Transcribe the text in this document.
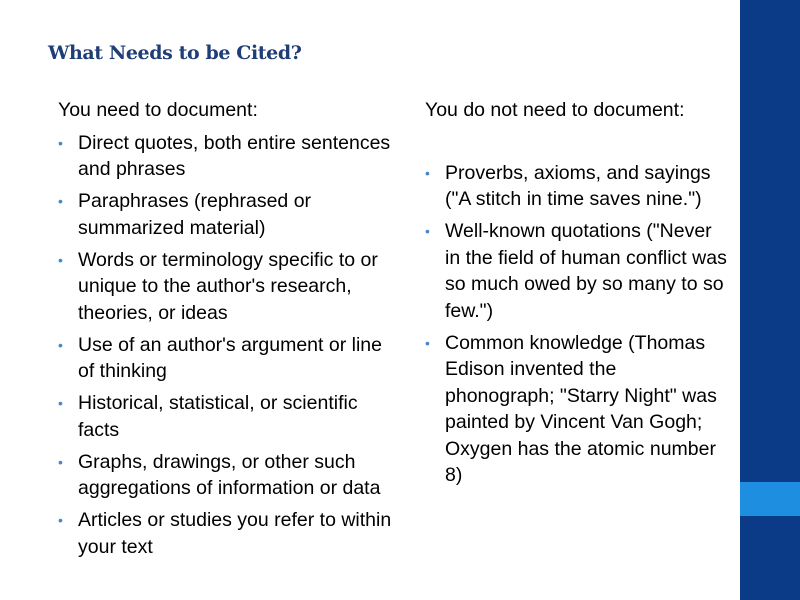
What Needs to be Cited?
You need to document:
• Direct quotes, both entire sentences and phrases
• Paraphrases (rephrased or summarized material)
• Words or terminology specific to or unique to the author's research, theories, or ideas
• Use of an author's argument or line of thinking
• Historical, statistical, or scientific facts
• Graphs, drawings, or other such aggregations of information or data
• Articles or studies you refer to within your text
You do not need to document:
• Proverbs, axioms, and sayings ("A stitch in time saves nine.")
• Well-known quotations ("Never in the field of human conflict was so much owed by so many to so few.")
• Common knowledge (Thomas Edison invented the phonograph; "Starry Night" was painted by Vincent Van Gogh; Oxygen has the atomic number 8)
